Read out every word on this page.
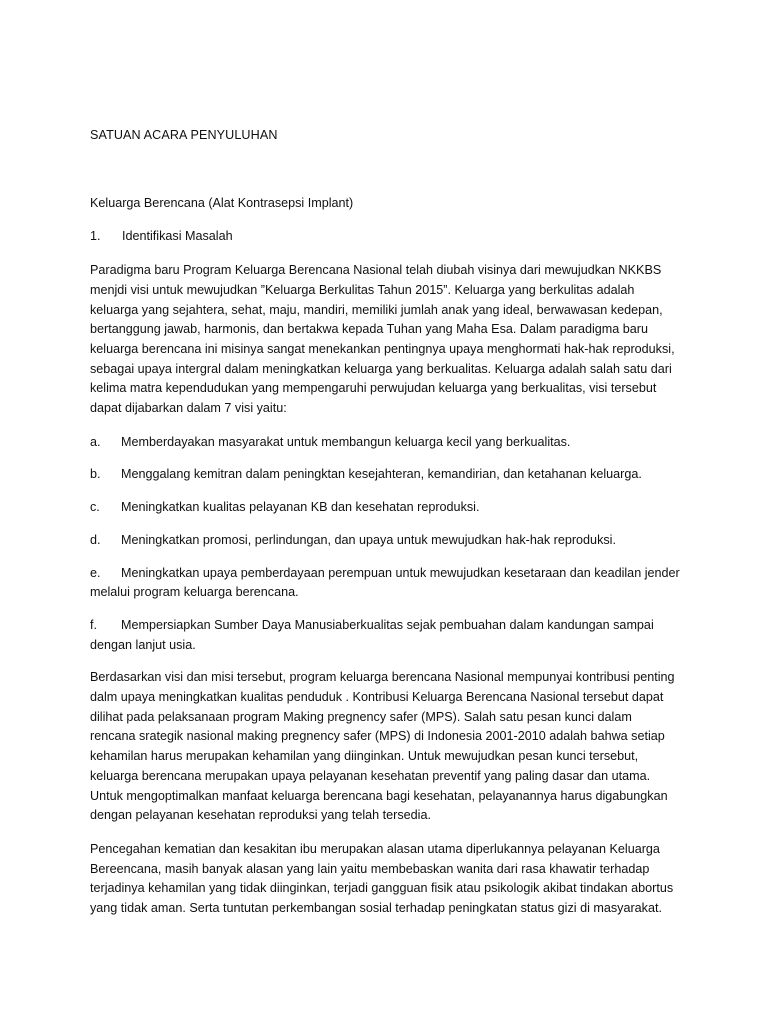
SATUAN ACARA PENYULUHAN

Keluarga Berencana (Alat Kontrasepsi Implant)

1. Identifikasi Masalah

Paradigma baru Program Keluarga Berencana Nasional telah diubah visinya dari mewujudkan NKKBS menjdi visi untuk mewujudkan ”Keluarga Berkulitas Tahun 2015”. Keluarga yang berkulitas adalah keluarga yang sejahtera, sehat, maju, mandiri, memiliki jumlah anak yang ideal, berwawasan kedepan, bertanggung jawab, harmonis, dan bertakwa kepada Tuhan yang Maha Esa. Dalam paradigma baru keluarga berencana ini misinya sangat menekankan pentingnya upaya menghormati hak-hak reproduksi, sebagai upaya intergral dalam meningkatkan keluarga yang berkualitas. Keluarga adalah salah satu dari kelima matra kependudukan yang mempengaruhi perwujudan keluarga yang berkualitas, visi tersebut dapat dijabarkan dalam 7 visi yaitu:

a. Memberdayakan masyarakat untuk membangun keluarga kecil yang berkualitas.
b. Menggalang kemitran dalam peningktan kesejahteran, kemandirian, dan ketahanan keluarga.
c. Meningkatkan kualitas pelayanan KB dan kesehatan reproduksi.
d. Meningkatkan promosi, perlindungan, dan upaya untuk mewujudkan hak-hak reproduksi.
e. Meningkatkan upaya pemberdayaan perempuan untuk mewujudkan kesetaraan dan keadilan jender melalui program keluarga berencana.
f. Mempersiapkan Sumber Daya Manusiaberkualitas sejak pembuahan dalam kandungan sampai dengan lanjut usia.

Berdasarkan visi dan misi tersebut, program keluarga berencana Nasional mempunyai kontribusi penting dalm upaya meningkatkan kualitas penduduk . Kontribusi Keluarga Berencana Nasional tersebut dapat dilihat pada pelaksanaan program Making pregnency safer (MPS). Salah satu pesan kunci dalam rencana srategik nasional making pregnency safer (MPS) di Indonesia 2001-2010 adalah bahwa setiap kehamilan harus merupakan kehamilan yang diinginkan. Untuk mewujudkan pesan kunci tersebut, keluarga berencana merupakan upaya pelayanan kesehatan preventif yang paling dasar dan utama. Untuk mengoptimalkan manfaat keluarga berencana bagi kesehatan, pelayanannya harus digabungkan dengan pelayanan kesehatan reproduksi yang telah tersedia.

Pencegahan kematian dan kesakitan ibu merupakan alasan utama diperlukannya pelayanan Keluarga Bereencana, masih banyak alasan yang lain yaitu membebaskan wanita dari rasa khawatir terhadap terjadinya kehamilan yang tidak diinginkan, terjadi gangguan fisik atau psikologik akibat tindakan abortus yang tidak aman. Serta tuntutan perkembangan sosial terhadap peningkatan status gizi di masyarakat.
